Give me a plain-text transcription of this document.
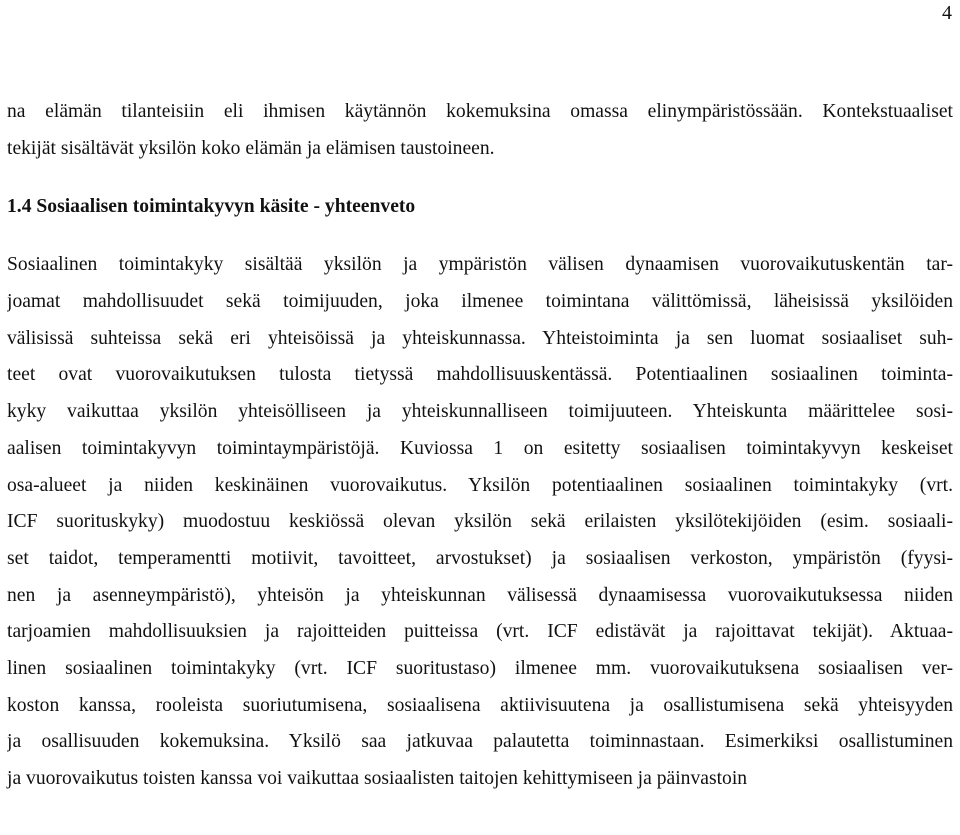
4
na elämän tilanteisiin eli ihmisen käytännön kokemuksina omassa elinympäristössään. Kontekstuaaliset
tekijät sisältävät yksilön koko elämän ja elämisen taustoineen.
1.4 Sosiaalisen toimintakyvyn käsite - yhteenveto
Sosiaalinen toimintakyky sisältää yksilön ja ympäristön välisen dynaamisen vuorovaikutuskentän tar-
joamat mahdollisuudet sekä toimijuuden, joka ilmenee toimintana välittömissä, läheisissä yksilöiden
välisissä suhteissa sekä eri yhteisöissä ja yhteiskunnassa. Yhteistoiminta ja sen luomat sosiaaliset suh-
teet ovat vuorovaikutuksen tulosta tietyssä mahdollisuuskentässä. Potentiaalinen sosiaalinen toiminta-
kyky vaikuttaa yksilön yhteisölliseen ja yhteiskunnalliseen toimijuuteen. Yhteiskunta määrittelee sosi-
aalisen toimintakyvyn toimintaympäristöjä. Kuviossa 1 on esitetty sosiaalisen toimintakyvyn keskeiset
osa-alueet ja niiden keskinäinen vuorovaikutus. Yksilön potentiaalinen sosiaalinen toimintakyky (vrt.
ICF suorituskyky) muodostuu keskiössä olevan yksilön sekä erilaisten yksilötekijöiden (esim. sosiaali-
set taidot, temperamentti motiivit, tavoitteet, arvostukset) ja sosiaalisen verkoston, ympäristön (fyysi-
nen ja asenneympäristö), yhteisön ja yhteiskunnan välisessä dynaamisessa vuorovaikutuksessa niiden
tarjoamien mahdollisuuksien ja rajoitteiden puitteissa (vrt. ICF edistävät ja rajoittavat tekijät). Aktuaa-
linen sosiaalinen toimintakyky (vrt. ICF suoritustaso) ilmenee mm. vuorovaikutuksena sosiaalisen ver-
koston kanssa, rooleista suoriutumisena, sosiaalisena aktiivisuutena ja osallistumisena sekä yhteisyyden
ja osallisuuden kokemuksina. Yksilö saa jatkuvaa palautetta toiminnastaan. Esimerkiksi osallistuminen
ja vuorovaikutus toisten kanssa voi vaikuttaa sosiaalisten taitojen kehittymiseen ja päinvastoin
